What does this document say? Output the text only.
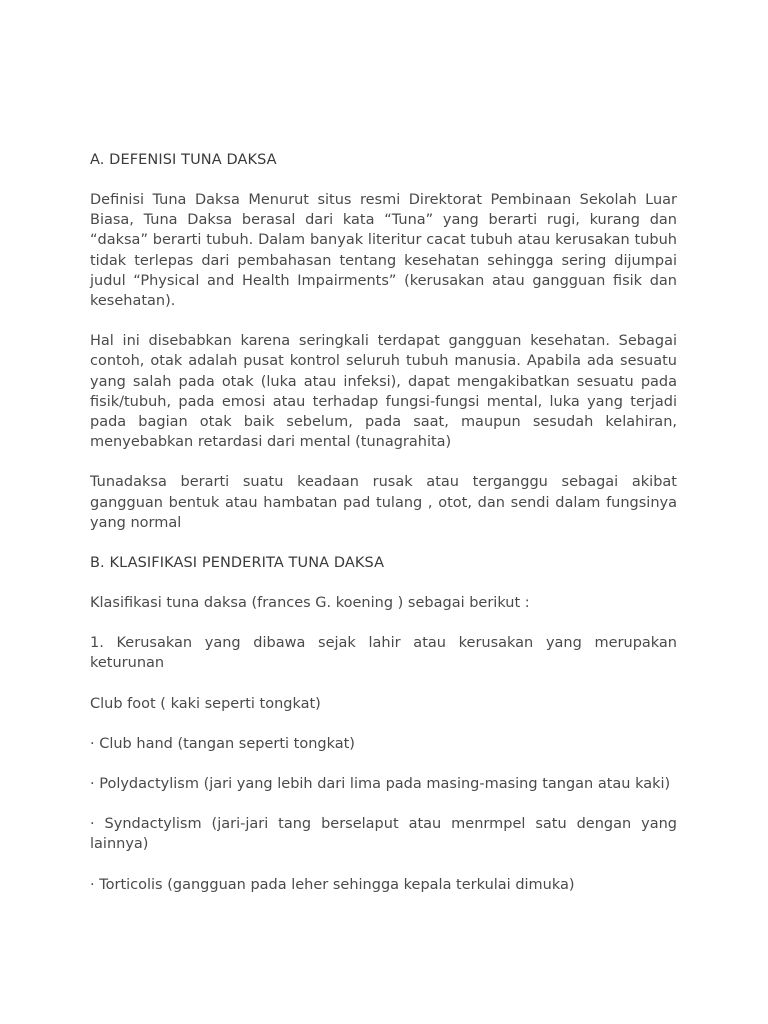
A. DEFENISI TUNA DAKSA

Definisi Tuna Daksa Menurut situs resmi Direktorat Pembinaan Sekolah Luar Biasa, Tuna Daksa berasal dari kata “Tuna” yang berarti rugi, kurang dan “daksa” berarti tubuh. Dalam banyak literitur cacat tubuh atau kerusakan tubuh tidak terlepas dari pembahasan tentang kesehatan sehingga sering dijumpai judul “Physical and Health Impairments” (kerusakan atau gangguan fisik dan kesehatan).

Hal ini disebabkan karena seringkali terdapat gangguan kesehatan. Sebagai contoh, otak adalah pusat kontrol seluruh tubuh manusia. Apabila ada sesuatu yang salah pada otak (luka atau infeksi), dapat mengakibatkan sesuatu pada fisik/tubuh, pada emosi atau terhadap fungsi-fungsi mental, luka yang terjadi pada bagian otak baik sebelum, pada saat, maupun sesudah kelahiran, menyebabkan retardasi dari mental (tunagrahita)

Tunadaksa berarti suatu keadaan rusak atau terganggu sebagai akibat gangguan bentuk atau hambatan pad tulang , otot, dan sendi dalam fungsinya yang normal

B. KLASIFIKASI PENDERITA TUNA DAKSA

Klasifikasi tuna daksa (frances G. koening ) sebagai berikut :

1. Kerusakan yang dibawa sejak lahir atau kerusakan yang merupakan keturunan

Club foot ( kaki seperti tongkat)

· Club hand (tangan seperti tongkat)

· Polydactylism (jari yang lebih dari lima pada masing-masing tangan atau kaki)

· Syndactylism (jari-jari tang berselaput atau menrmpel satu dengan yang lainnya)

· Torticolis (gangguan pada leher sehingga kepala terkulai dimuka)
